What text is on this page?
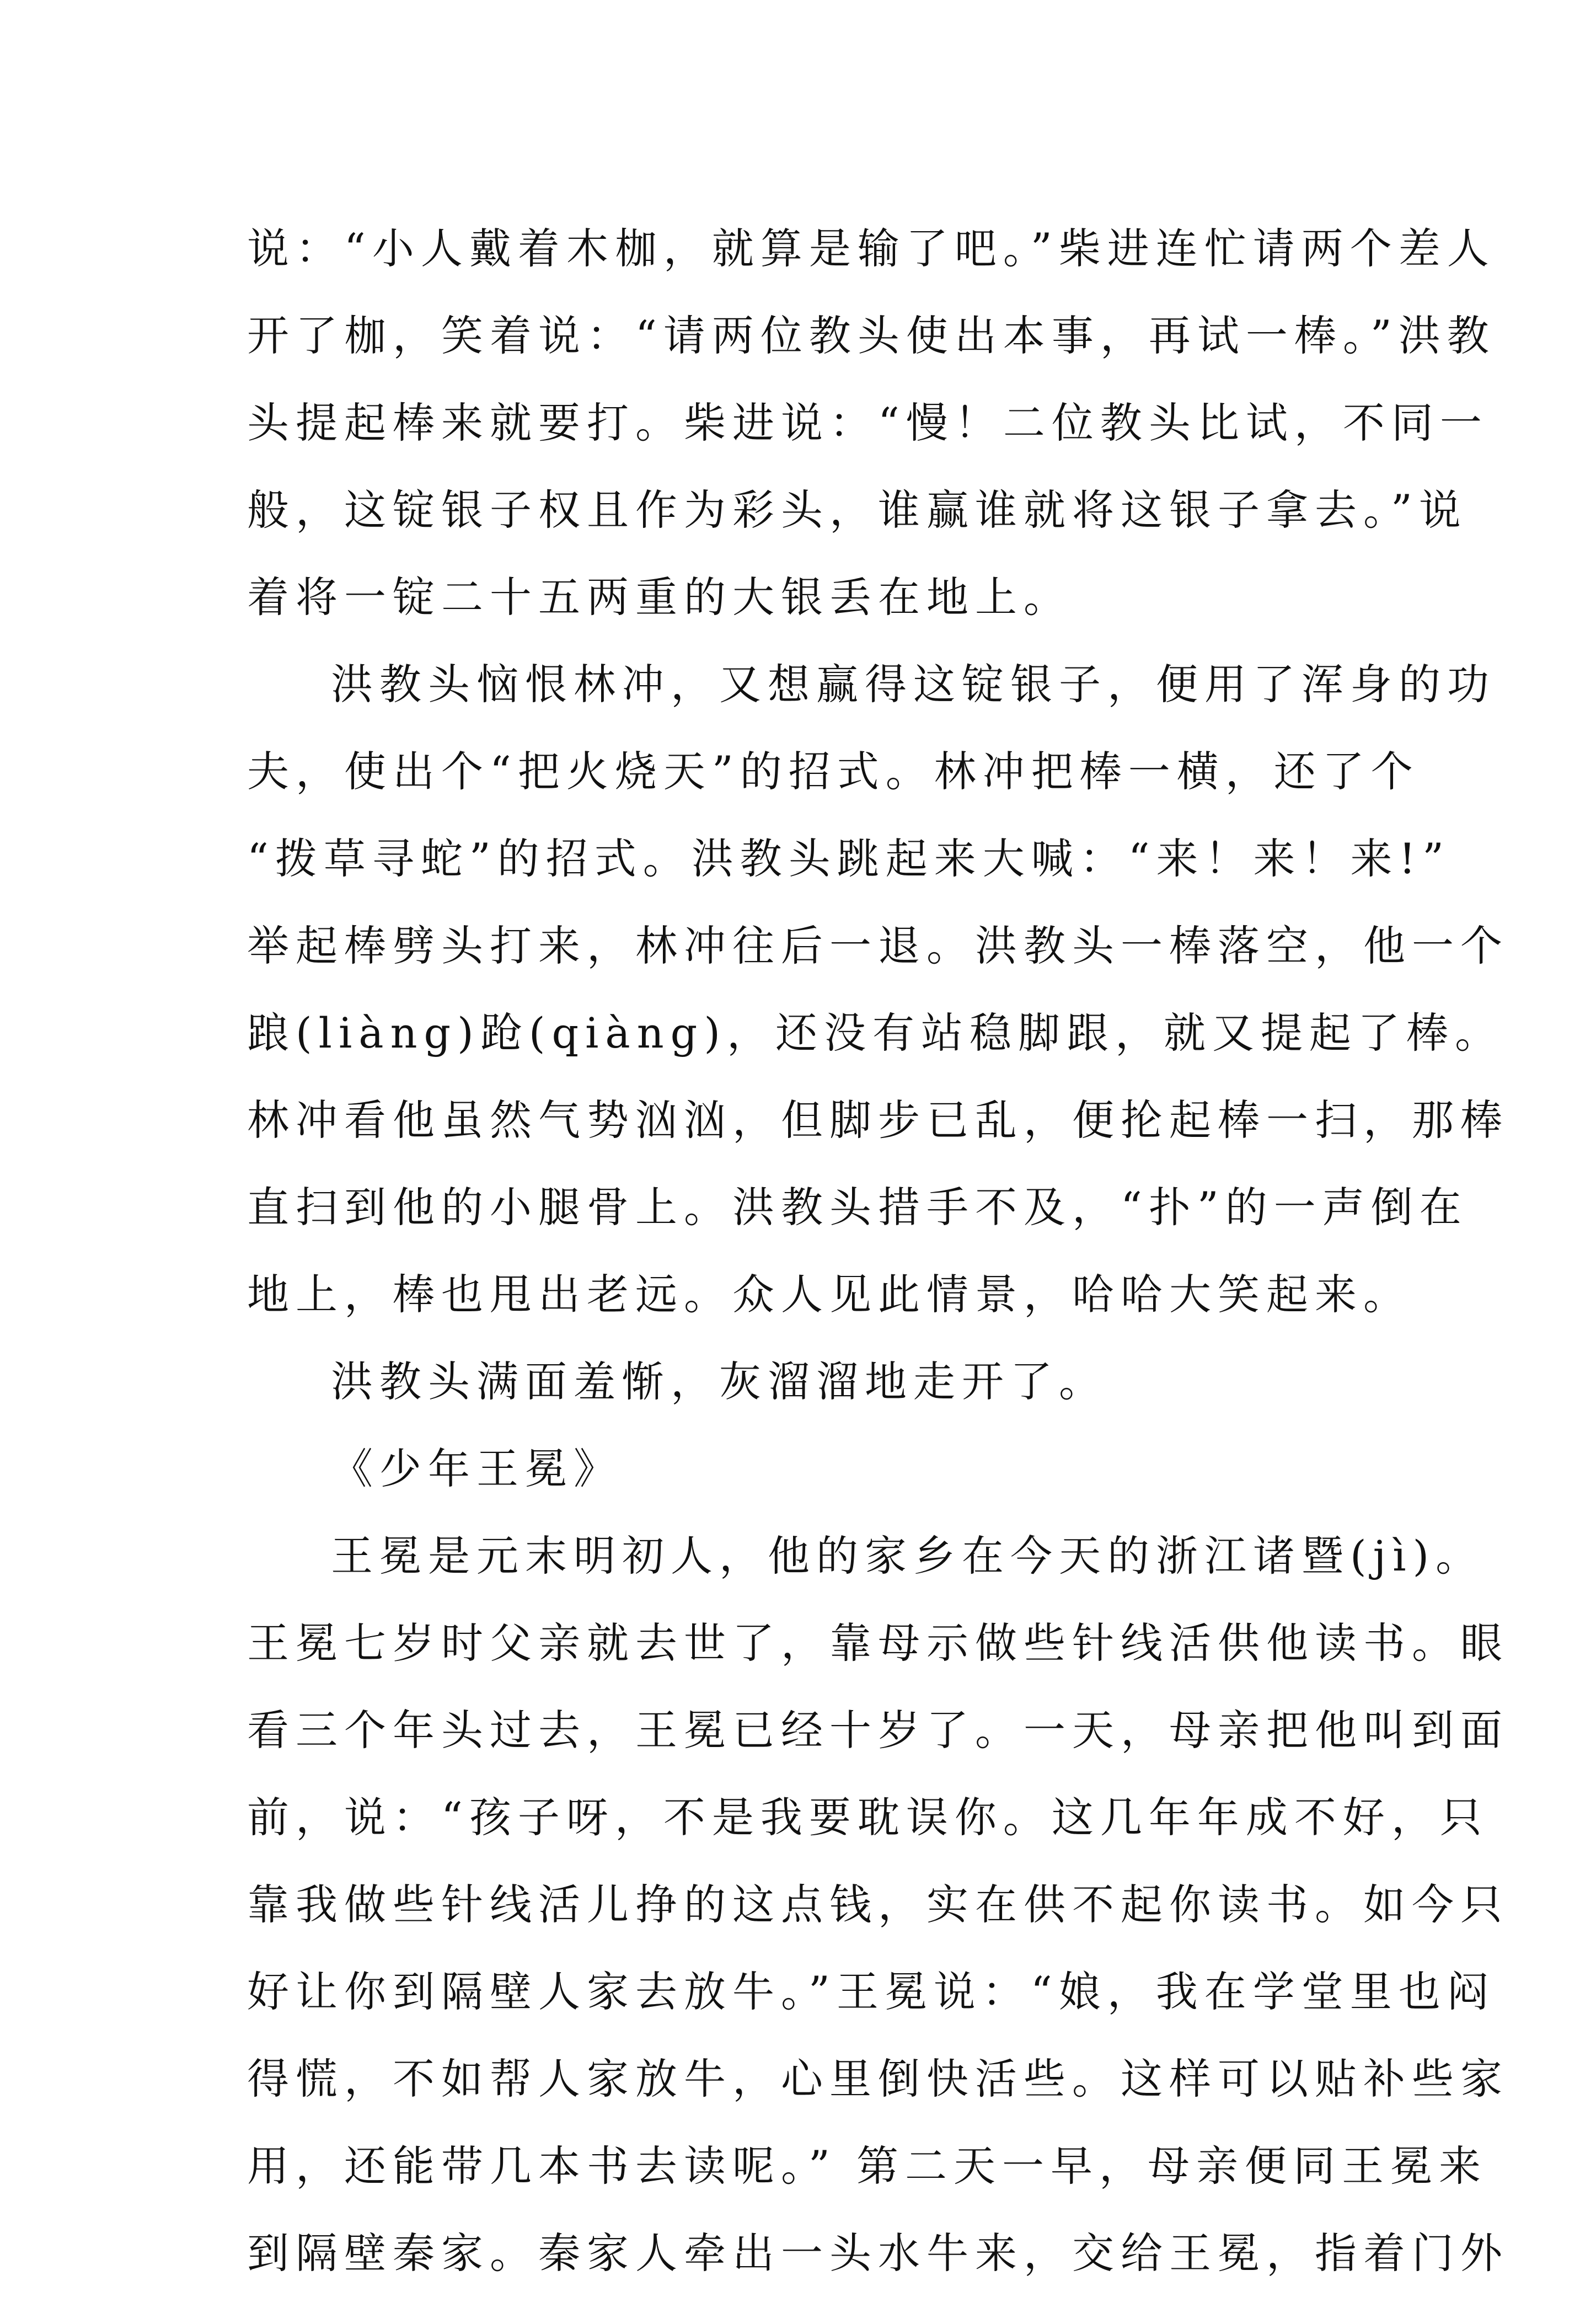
说：“小人戴着木枷，就算是输了吧。”柴进连忙请两个差人
开了枷，笑着说：“请两位教头使出本事，再试一棒。”洪教
头提起棒来就要打。柴进说：“慢！二位教头比试，不同一
般，这锭银子权且作为彩头，谁赢谁就将这银子拿去。”说
着将一锭二十五两重的大银丢在地上。
洪教头恼恨林冲，又想赢得这锭银子，便用了浑身的功
夫，使出个“把火烧天”的招式。林冲把棒一横，还了个
“拨草寻蛇”的招式。洪教头跳起来大喊：“来！来！来!”
举起棒劈头打来，林冲往后一退。洪教头一棒落空，他一个
踉(liàng)跄(qiàng)，还没有站稳脚跟，就又提起了棒。
林冲看他虽然气势汹汹，但脚步已乱，便抡起棒一扫，那棒
直扫到他的小腿骨上。洪教头措手不及，“扑”的一声倒在
地上，棒也甩出老远。众人见此情景，哈哈大笑起来。
洪教头满面羞惭，灰溜溜地走开了。
《少年王冕》
王冕是元末明初人，他的家乡在今天的浙江诸暨(jì)。
王冕七岁时父亲就去世了，靠母示做些针线活供他读书。眼
看三个年头过去，王冕已经十岁了。一天，母亲把他叫到面
前，说：“孩子呀，不是我要耽误你。这几年年成不好，只
靠我做些针线活儿挣的这点钱，实在供不起你读书。如今只
好让你到隔壁人家去放牛。”王冕说：“娘，我在学堂里也闷
得慌，不如帮人家放牛，心里倒快活些。这样可以贴补些家
用，还能带几本书去读呢。” 第二天一早，母亲便同王冕来
到隔壁秦家。秦家人牵出一头水牛来，交给王冕，指着门外
